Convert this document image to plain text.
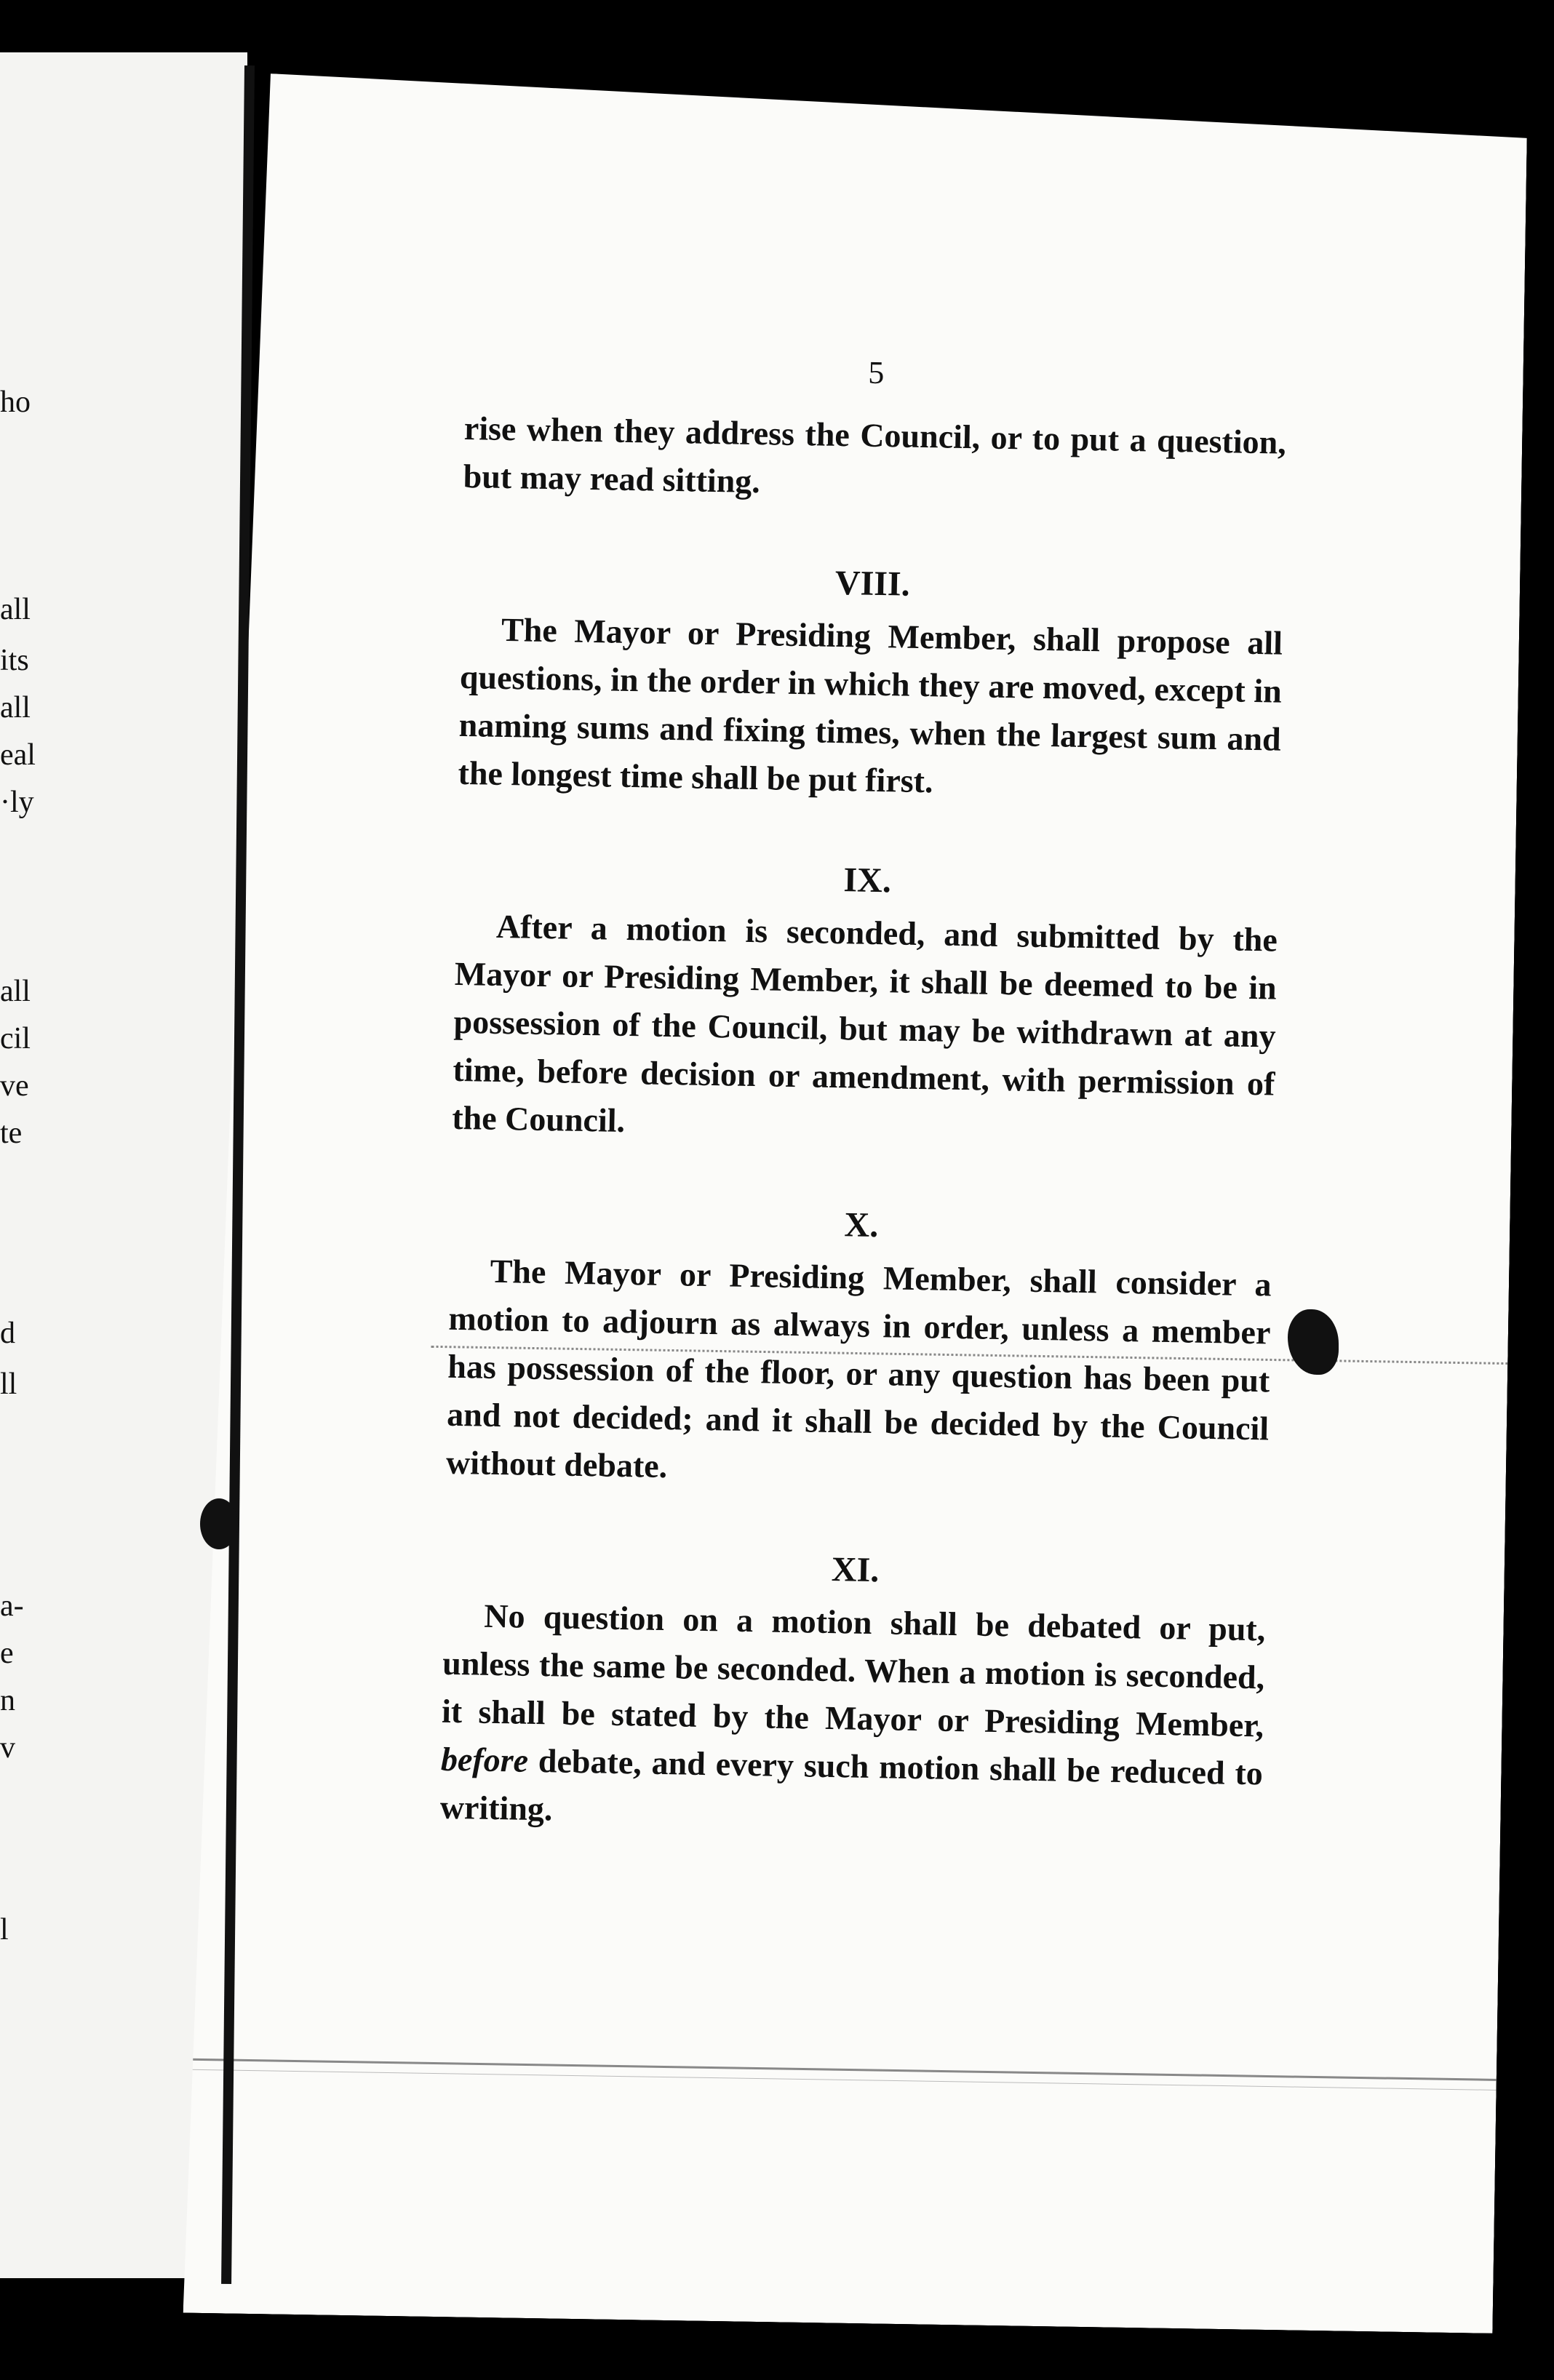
ho
all
its
all
eal
·ly
all
cil
ve
te
d
ll
a-
e
n
v
l
5

rise when they address the Council, or to put a question, but may read sitting.

VIII.

The Mayor or Presiding Member, shall propose all questions, in the order in which they are moved, except in naming sums and fixing times, when the largest sum and the longest time shall be put first.

IX.

After a motion is seconded, and submitted by the Mayor or Presiding Member, it shall be deemed to be in possession of the Council, but may be withdrawn at any time, before decision or amendment, with permission of the Council.

X.

The Mayor or Presiding Member, shall consider a motion to adjourn as always in order, unless a member has possession of the floor, or any question has been put and not decided; and it shall be decided by the Council without debate.

XI.

No question on a motion shall be debated or put, unless the same be seconded. When a motion is seconded, it shall be stated by the Mayor or Presiding Member, before debate, and every such motion shall be reduced to writing.
